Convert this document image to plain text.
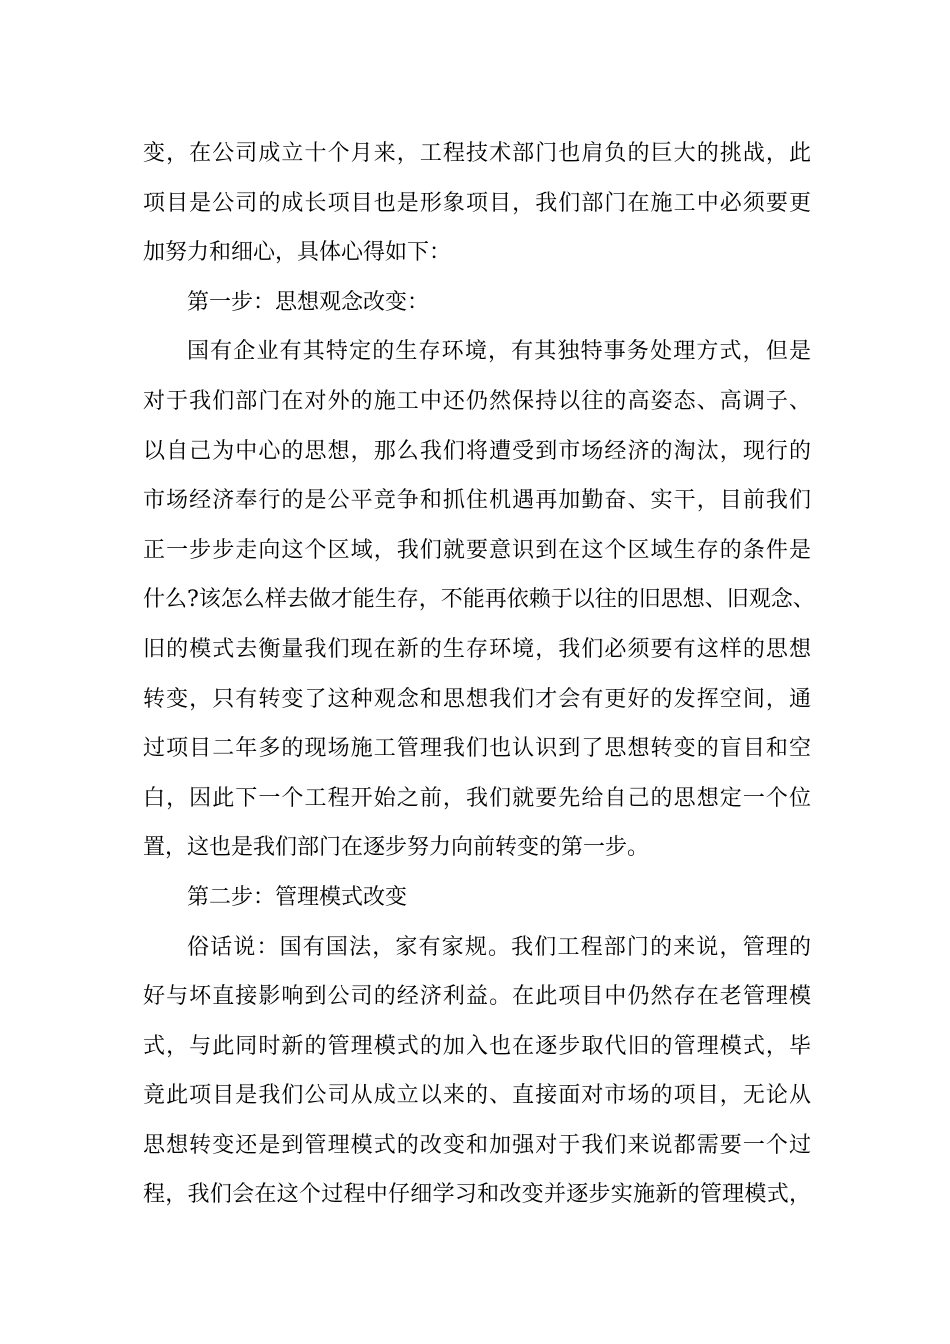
变，在公司成立十个月来，工程技术部门也肩负的巨大的挑战，此
项目是公司的成长项目也是形象项目，我们部门在施工中必须要更
加努力和细心，具体心得如下：
第一步：思想观念改变：
国有企业有其特定的生存环境，有其独特事务处理方式，但是
对于我们部门在对外的施工中还仍然保持以往的高姿态、高调子、
以自己为中心的思想，那么我们将遭受到市场经济的淘汰，现行的
市场经济奉行的是公平竞争和抓住机遇再加勤奋、实干，目前我们
正一步步走向这个区域，我们就要意识到在这个区域生存的条件是
什么?该怎么样去做才能生存，不能再依赖于以往的旧思想、旧观念、
旧的模式去衡量我们现在新的生存环境，我们必须要有这样的思想
转变，只有转变了这种观念和思想我们才会有更好的发挥空间，通
过项目二年多的现场施工管理我们也认识到了思想转变的盲目和空
白，因此下一个工程开始之前，我们就要先给自己的思想定一个位
置，这也是我们部门在逐步努力向前转变的第一步。
第二步：管理模式改变
俗话说：国有国法，家有家规。我们工程部门的来说，管理的
好与坏直接影响到公司的经济利益。在此项目中仍然存在老管理模
式，与此同时新的管理模式的加入也在逐步取代旧的管理模式，毕
竟此项目是我们公司从成立以来的、直接面对市场的项目，无论从
思想转变还是到管理模式的改变和加强对于我们来说都需要一个过
程，我们会在这个过程中仔细学习和改变并逐步实施新的管理模式，
